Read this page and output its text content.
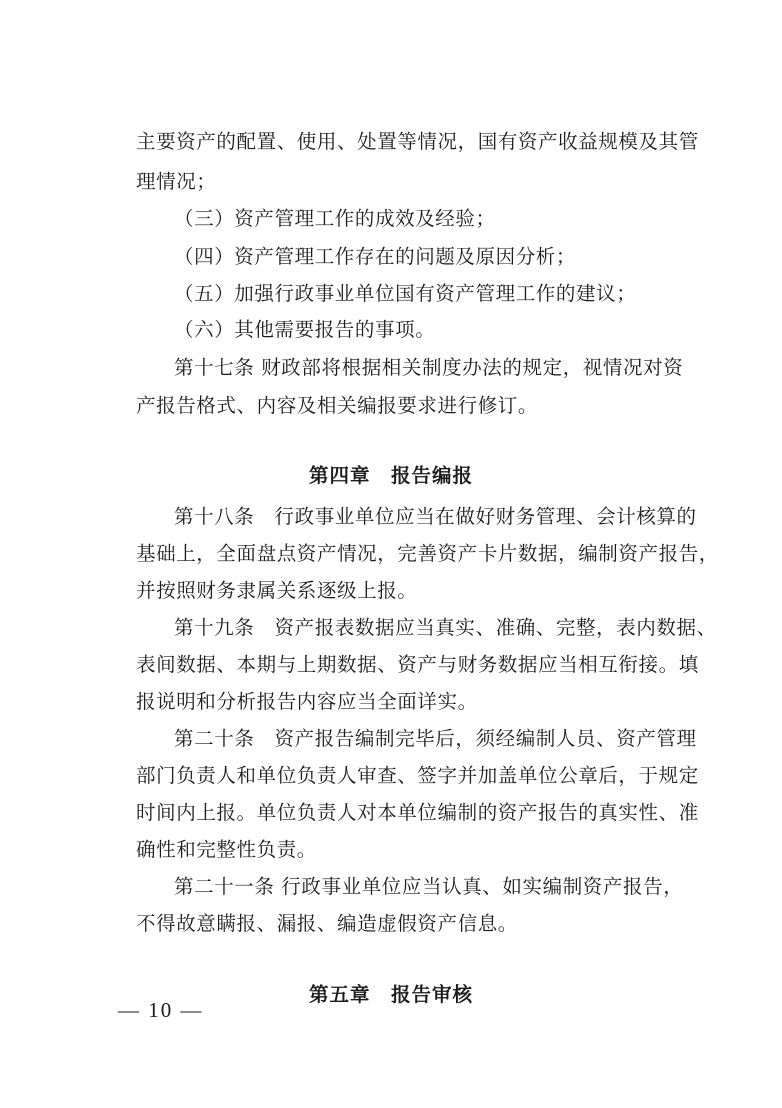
主要资产的配置、使用、处置等情况，国有资产收益规模及其管
理情况；
（三）资产管理工作的成效及经验；
（四）资产管理工作存在的问题及原因分析；
（五）加强行政事业单位国有资产管理工作的建议；
（六）其他需要报告的事项。
第十七条 财政部将根据相关制度办法的规定，视情况对资
产报告格式、内容及相关编报要求进行修订。
第四章　报告编报
第十八条　行政事业单位应当在做好财务管理、会计核算的
基础上，全面盘点资产情况，完善资产卡片数据，编制资产报告，
并按照财务隶属关系逐级上报。
第十九条　资产报表数据应当真实、准确、完整，表内数据、
表间数据、本期与上期数据、资产与财务数据应当相互衔接。填
报说明和分析报告内容应当全面详实。
第二十条　资产报告编制完毕后，须经编制人员、资产管理
部门负责人和单位负责人审查、签字并加盖单位公章后，于规定
时间内上报。单位负责人对本单位编制的资产报告的真实性、准
确性和完整性负责。
第二十一条 行政事业单位应当认真、如实编制资产报告，
不得故意瞒报、漏报、编造虚假资产信息。
第五章　报告审核
— 10 —
